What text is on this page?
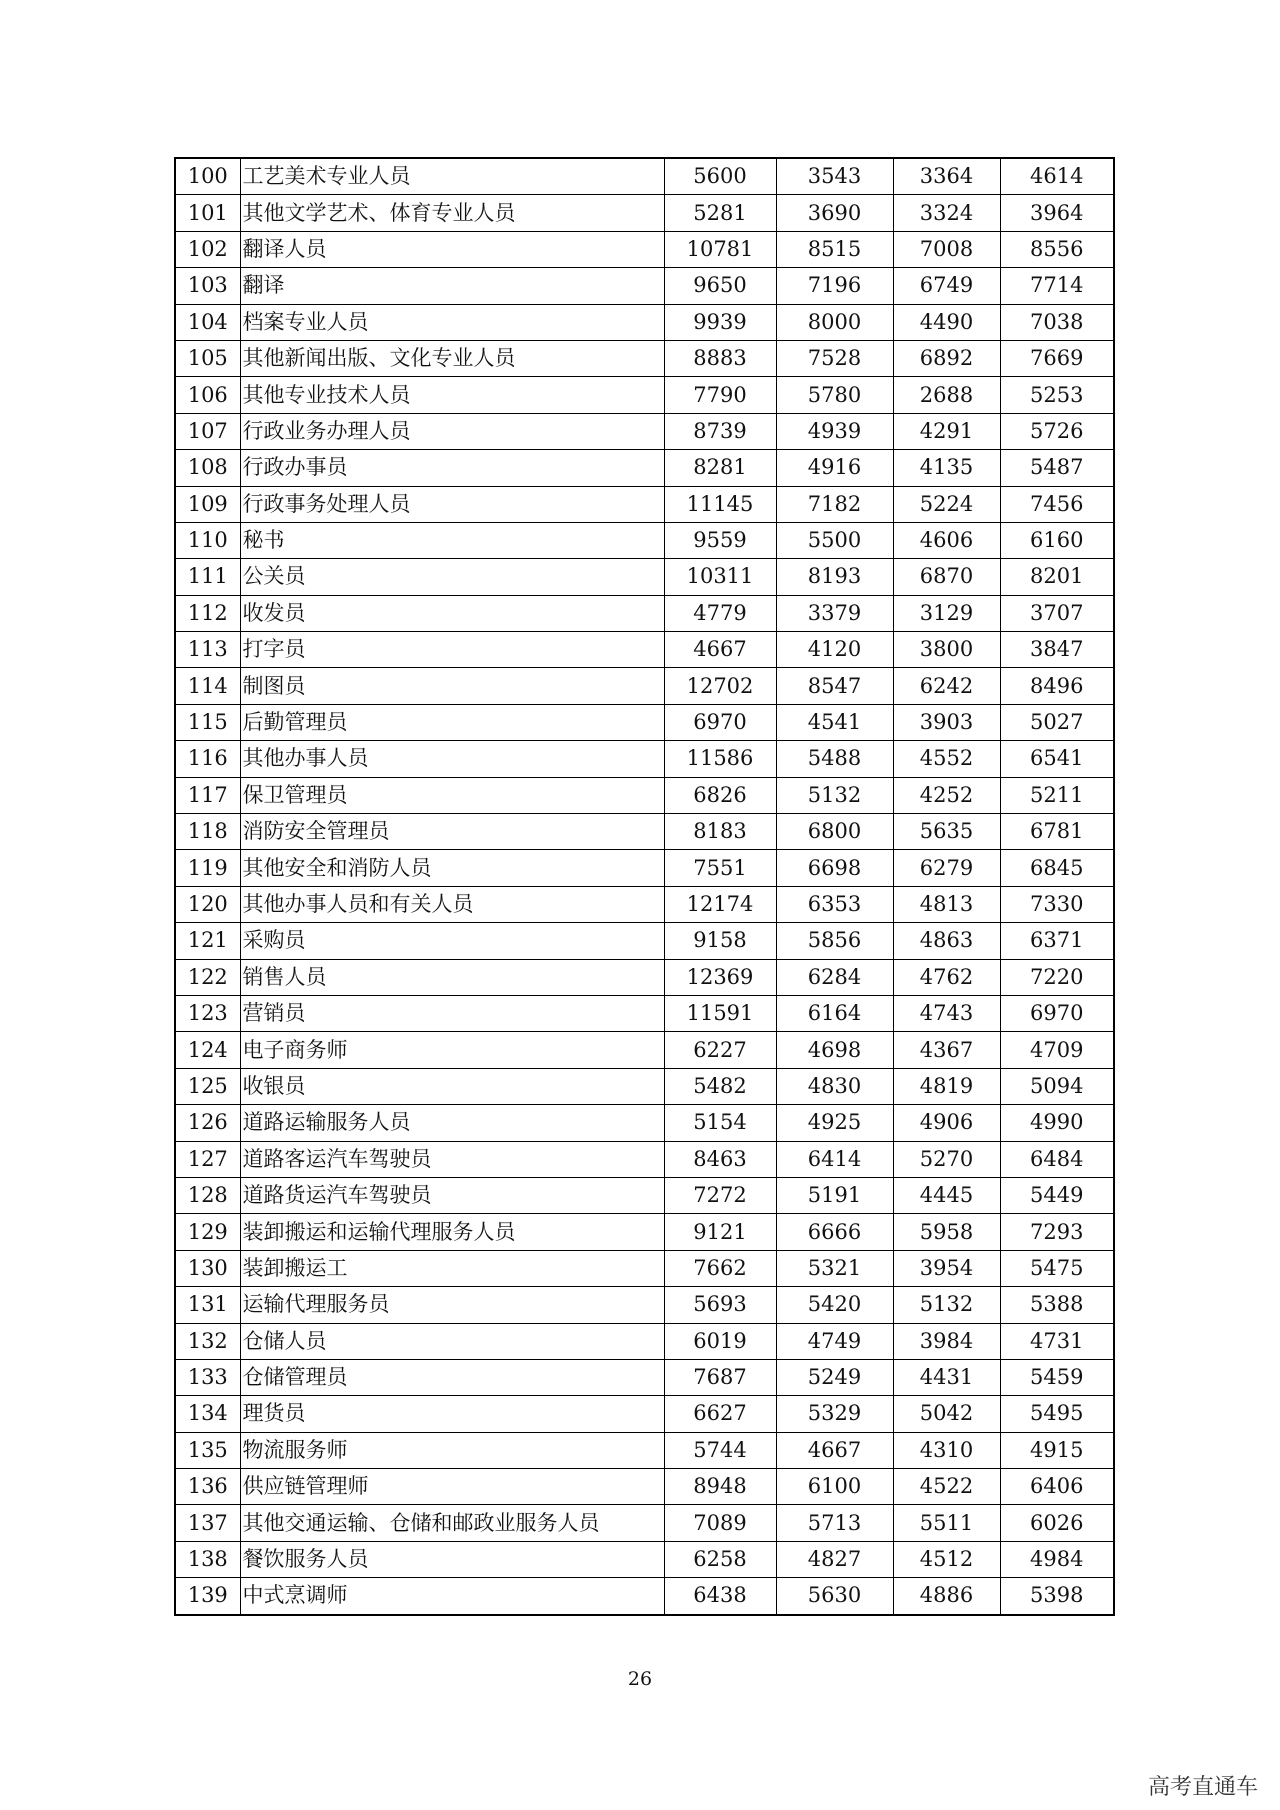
100	工艺美术专业人员	5600	3543	3364	4614
101	其他文学艺术、体育专业人员	5281	3690	3324	3964
102	翻译人员	10781	8515	7008	8556
103	翻译	9650	7196	6749	7714
104	档案专业人员	9939	8000	4490	7038
105	其他新闻出版、文化专业人员	8883	7528	6892	7669
106	其他专业技术人员	7790	5780	2688	5253
107	行政业务办理人员	8739	4939	4291	5726
108	行政办事员	8281	4916	4135	5487
109	行政事务处理人员	11145	7182	5224	7456
110	秘书	9559	5500	4606	6160
111	公关员	10311	8193	6870	8201
112	收发员	4779	3379	3129	3707
113	打字员	4667	4120	3800	3847
114	制图员	12702	8547	6242	8496
115	后勤管理员	6970	4541	3903	5027
116	其他办事人员	11586	5488	4552	6541
117	保卫管理员	6826	5132	4252	5211
118	消防安全管理员	8183	6800	5635	6781
119	其他安全和消防人员	7551	6698	6279	6845
120	其他办事人员和有关人员	12174	6353	4813	7330
121	采购员	9158	5856	4863	6371
122	销售人员	12369	6284	4762	7220
123	营销员	11591	6164	4743	6970
124	电子商务师	6227	4698	4367	4709
125	收银员	5482	4830	4819	5094
126	道路运输服务人员	5154	4925	4906	4990
127	道路客运汽车驾驶员	8463	6414	5270	6484
128	道路货运汽车驾驶员	7272	5191	4445	5449
129	装卸搬运和运输代理服务人员	9121	6666	5958	7293
130	装卸搬运工	7662	5321	3954	5475
131	运输代理服务员	5693	5420	5132	5388
132	仓储人员	6019	4749	3984	4731
133	仓储管理员	7687	5249	4431	5459
134	理货员	6627	5329	5042	5495
135	物流服务师	5744	4667	4310	4915
136	供应链管理师	8948	6100	4522	6406
137	其他交通运输、仓储和邮政业服务人员	7089	5713	5511	6026
138	餐饮服务人员	6258	4827	4512	4984
139	中式烹调师	6438	5630	4886	5398
26
高考直通车
